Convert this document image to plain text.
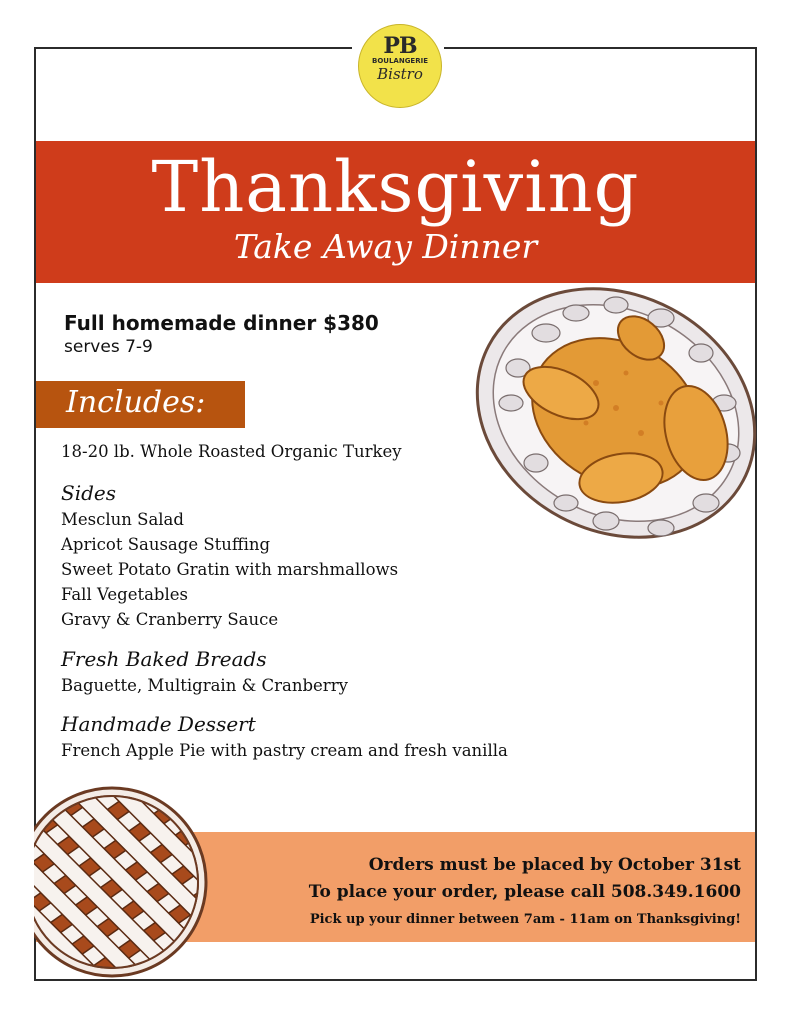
PB
BOULANGERIE
Bistro
Thanksgiving
Take Away Dinner
Full homemade dinner $380
serves 7-9
Includes:
18-20 lb. Whole Roasted Organic Turkey
Sides
Mesclun Salad
Apricot Sausage Stuffing
Sweet Potato Gratin with marshmallows
Fall Vegetables
Gravy & Cranberry Sauce
Fresh Baked Breads
Baguette, Multigrain & Cranberry
Handmade Dessert
French Apple Pie with pastry cream and fresh vanilla
Orders must be placed by October 31st
To place your order, please call 508.349.1600
Pick up your dinner between 7am - 11am on Thanksgiving!
